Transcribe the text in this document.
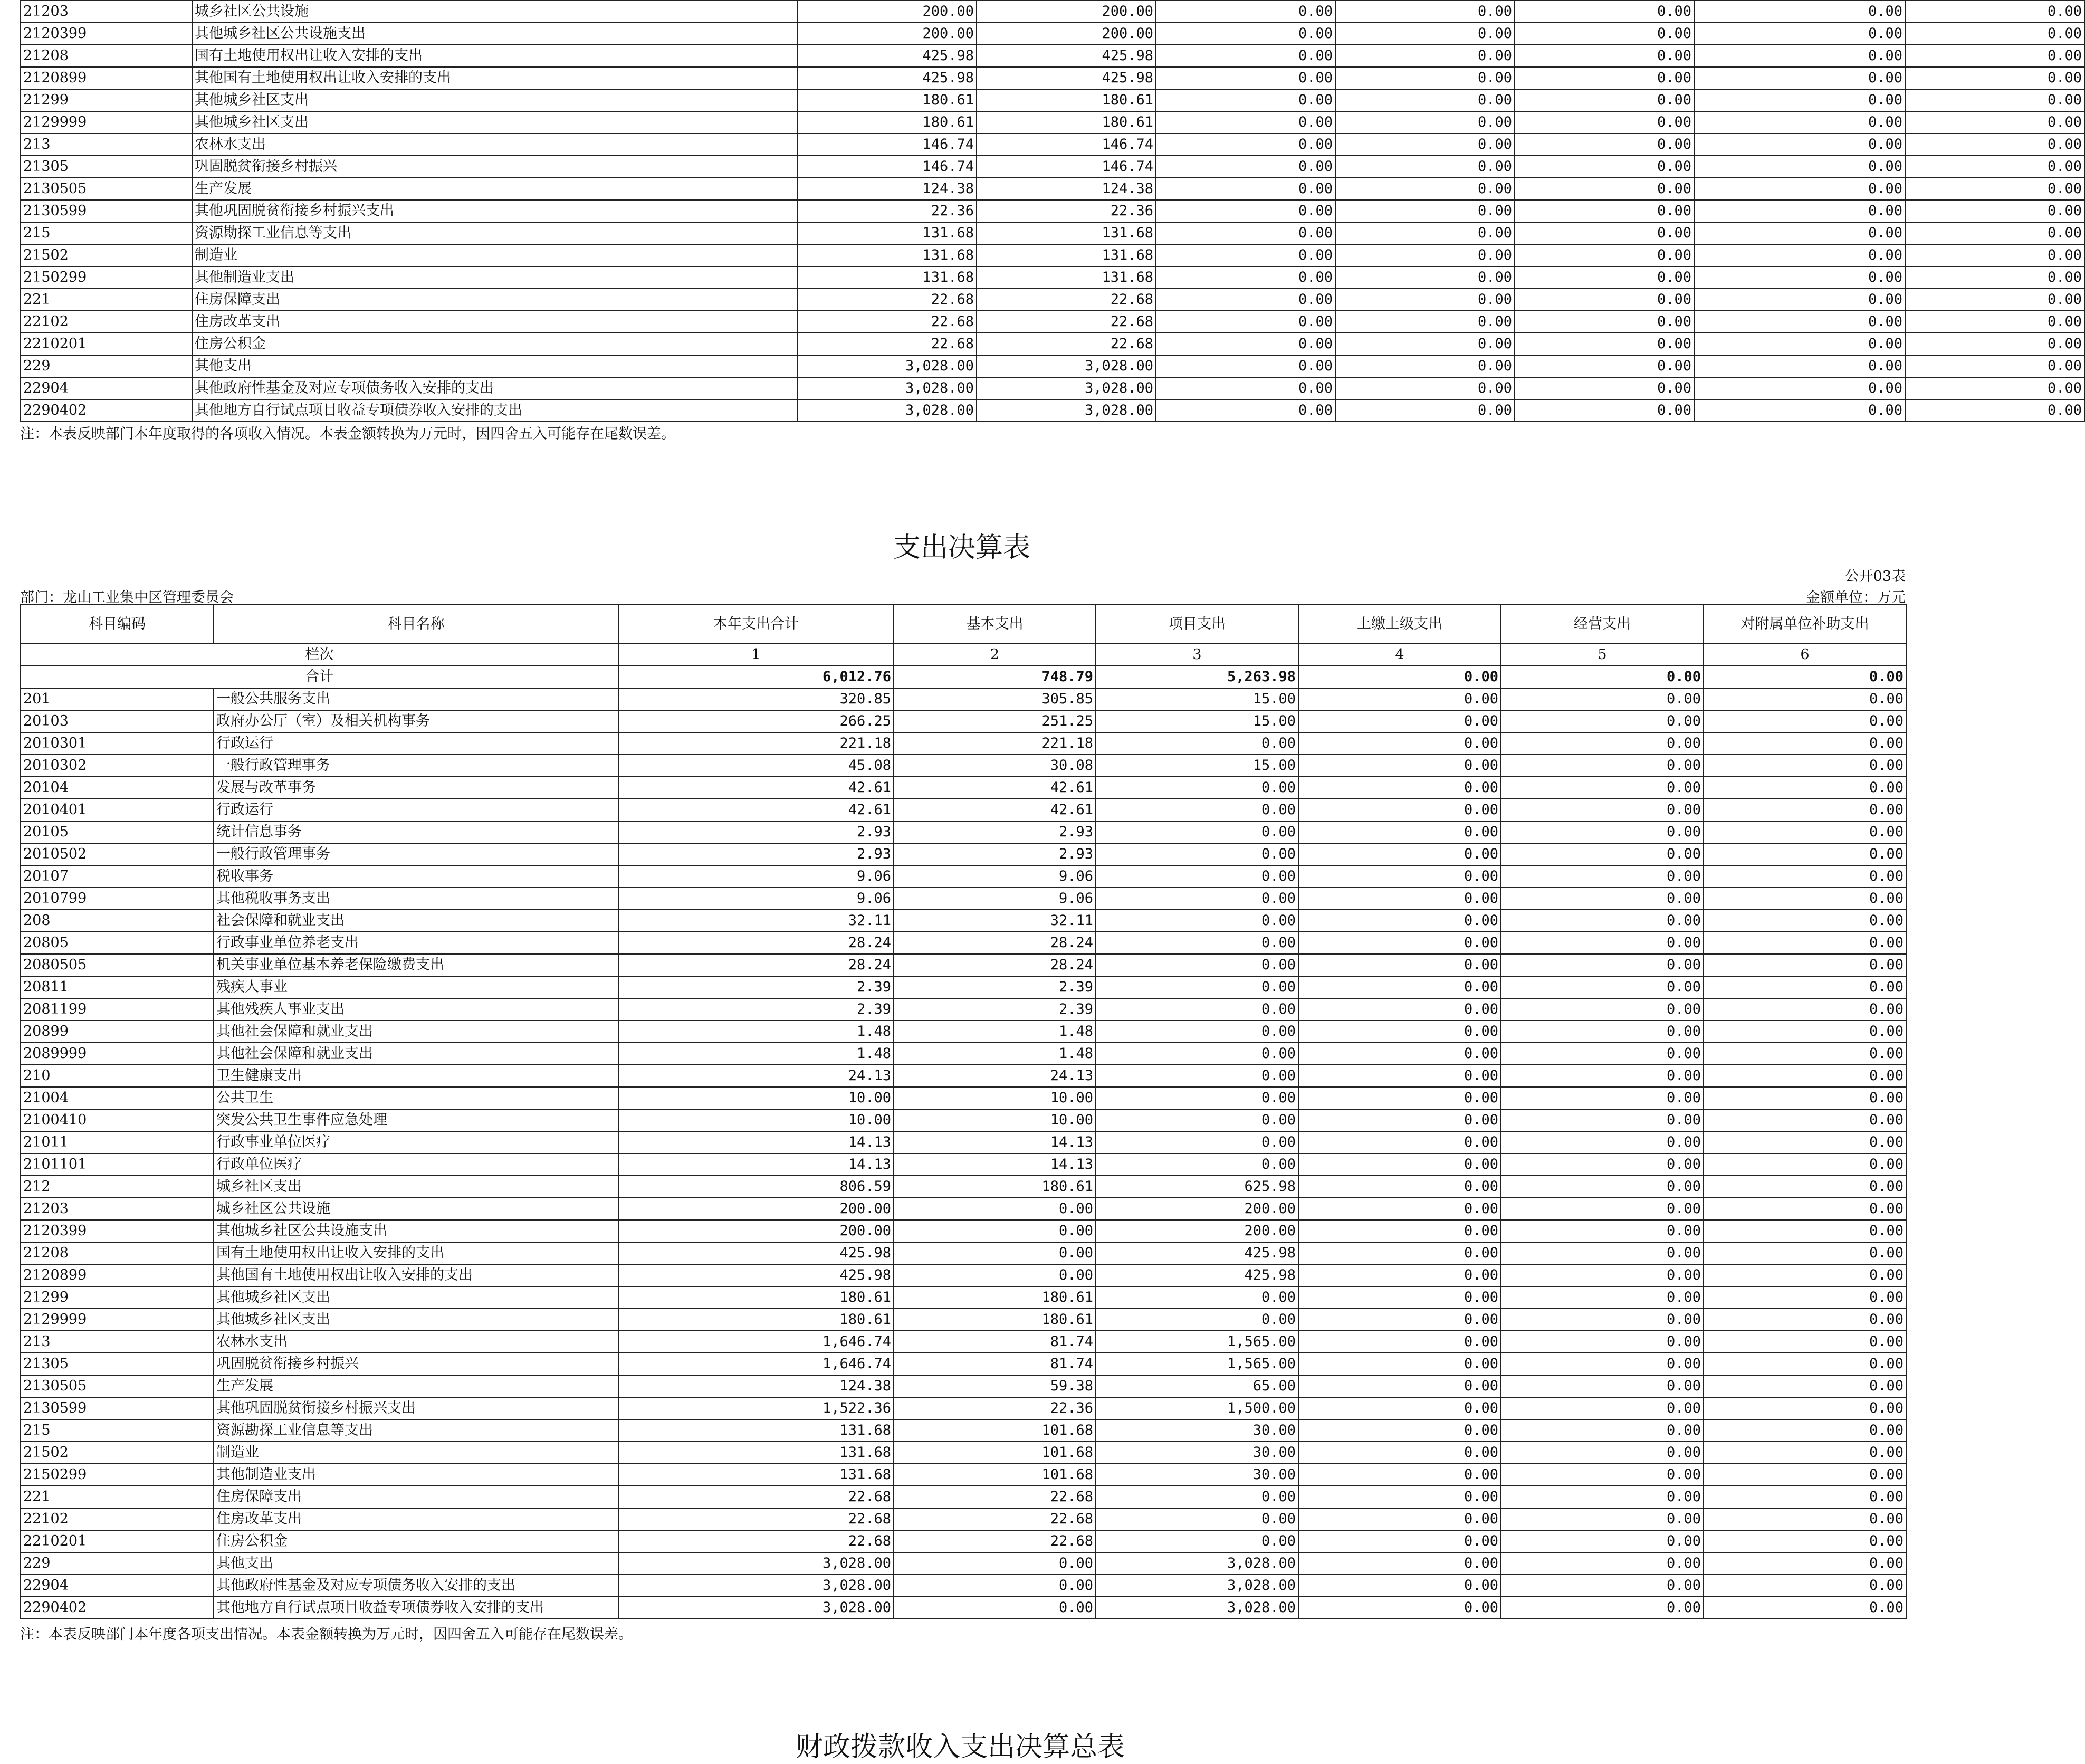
21203	城乡社区公共设施	200.00	200.00	0.00	0.00	0.00	0.00	0.00
2120399	其他城乡社区公共设施支出	200.00	200.00	0.00	0.00	0.00	0.00	0.00
21208	国有土地使用权出让收入安排的支出	425.98	425.98	0.00	0.00	0.00	0.00	0.00
2120899	其他国有土地使用权出让收入安排的支出	425.98	425.98	0.00	0.00	0.00	0.00	0.00
21299	其他城乡社区支出	180.61	180.61	0.00	0.00	0.00	0.00	0.00
2129999	其他城乡社区支出	180.61	180.61	0.00	0.00	0.00	0.00	0.00
213	农林水支出	146.74	146.74	0.00	0.00	0.00	0.00	0.00
21305	巩固脱贫衔接乡村振兴	146.74	146.74	0.00	0.00	0.00	0.00	0.00
2130505	生产发展	124.38	124.38	0.00	0.00	0.00	0.00	0.00
2130599	其他巩固脱贫衔接乡村振兴支出	22.36	22.36	0.00	0.00	0.00	0.00	0.00
215	资源勘探工业信息等支出	131.68	131.68	0.00	0.00	0.00	0.00	0.00
21502	制造业	131.68	131.68	0.00	0.00	0.00	0.00	0.00
2150299	其他制造业支出	131.68	131.68	0.00	0.00	0.00	0.00	0.00
221	住房保障支出	22.68	22.68	0.00	0.00	0.00	0.00	0.00
22102	住房改革支出	22.68	22.68	0.00	0.00	0.00	0.00	0.00
2210201	住房公积金	22.68	22.68	0.00	0.00	0.00	0.00	0.00
229	其他支出	3,028.00	3,028.00	0.00	0.00	0.00	0.00	0.00
22904	其他政府性基金及对应专项债务收入安排的支出	3,028.00	3,028.00	0.00	0.00	0.00	0.00	0.00
2290402	其他地方自行试点项目收益专项债券收入安排的支出	3,028.00	3,028.00	0.00	0.00	0.00	0.00	0.00
注：本表反映部门本年度取得的各项收入情况。本表金额转换为万元时，因四舍五入可能存在尾数误差。
支出决算表
公开03表
部门：龙山工业集中区管理委员会	金额单位：万元
科目编码	科目名称	本年支出合计	基本支出	项目支出	上缴上级支出	经营支出	对附属单位补助支出
栏次		1	2	3	4	5	6
合计		6,012.76	748.79	5,263.98	0.00	0.00	0.00
201	一般公共服务支出	320.85	305.85	15.00	0.00	0.00	0.00
20103	政府办公厅（室）及相关机构事务	266.25	251.25	15.00	0.00	0.00	0.00
2010301	行政运行	221.18	221.18	0.00	0.00	0.00	0.00
2010302	一般行政管理事务	45.08	30.08	15.00	0.00	0.00	0.00
20104	发展与改革事务	42.61	42.61	0.00	0.00	0.00	0.00
2010401	行政运行	42.61	42.61	0.00	0.00	0.00	0.00
20105	统计信息事务	2.93	2.93	0.00	0.00	0.00	0.00
2010502	一般行政管理事务	2.93	2.93	0.00	0.00	0.00	0.00
20107	税收事务	9.06	9.06	0.00	0.00	0.00	0.00
2010799	其他税收事务支出	9.06	9.06	0.00	0.00	0.00	0.00
208	社会保障和就业支出	32.11	32.11	0.00	0.00	0.00	0.00
20805	行政事业单位养老支出	28.24	28.24	0.00	0.00	0.00	0.00
2080505	机关事业单位基本养老保险缴费支出	28.24	28.24	0.00	0.00	0.00	0.00
20811	残疾人事业	2.39	2.39	0.00	0.00	0.00	0.00
2081199	其他残疾人事业支出	2.39	2.39	0.00	0.00	0.00	0.00
20899	其他社会保障和就业支出	1.48	1.48	0.00	0.00	0.00	0.00
2089999	其他社会保障和就业支出	1.48	1.48	0.00	0.00	0.00	0.00
210	卫生健康支出	24.13	24.13	0.00	0.00	0.00	0.00
21004	公共卫生	10.00	10.00	0.00	0.00	0.00	0.00
2100410	突发公共卫生事件应急处理	10.00	10.00	0.00	0.00	0.00	0.00
21011	行政事业单位医疗	14.13	14.13	0.00	0.00	0.00	0.00
2101101	行政单位医疗	14.13	14.13	0.00	0.00	0.00	0.00
212	城乡社区支出	806.59	180.61	625.98	0.00	0.00	0.00
21203	城乡社区公共设施	200.00	0.00	200.00	0.00	0.00	0.00
2120399	其他城乡社区公共设施支出	200.00	0.00	200.00	0.00	0.00	0.00
21208	国有土地使用权出让收入安排的支出	425.98	0.00	425.98	0.00	0.00	0.00
2120899	其他国有土地使用权出让收入安排的支出	425.98	0.00	425.98	0.00	0.00	0.00
21299	其他城乡社区支出	180.61	180.61	0.00	0.00	0.00	0.00
2129999	其他城乡社区支出	180.61	180.61	0.00	0.00	0.00	0.00
213	农林水支出	1,646.74	81.74	1,565.00	0.00	0.00	0.00
21305	巩固脱贫衔接乡村振兴	1,646.74	81.74	1,565.00	0.00	0.00	0.00
2130505	生产发展	124.38	59.38	65.00	0.00	0.00	0.00
2130599	其他巩固脱贫衔接乡村振兴支出	1,522.36	22.36	1,500.00	0.00	0.00	0.00
215	资源勘探工业信息等支出	131.68	101.68	30.00	0.00	0.00	0.00
21502	制造业	131.68	101.68	30.00	0.00	0.00	0.00
2150299	其他制造业支出	131.68	101.68	30.00	0.00	0.00	0.00
221	住房保障支出	22.68	22.68	0.00	0.00	0.00	0.00
22102	住房改革支出	22.68	22.68	0.00	0.00	0.00	0.00
2210201	住房公积金	22.68	22.68	0.00	0.00	0.00	0.00
229	其他支出	3,028.00	0.00	3,028.00	0.00	0.00	0.00
22904	其他政府性基金及对应专项债务收入安排的支出	3,028.00	0.00	3,028.00	0.00	0.00	0.00
2290402	其他地方自行试点项目收益专项债券收入安排的支出	3,028.00	0.00	3,028.00	0.00	0.00	0.00
注：本表反映部门本年度各项支出情况。本表金额转换为万元时，因四舍五入可能存在尾数误差。
财政拨款收入支出决算总表
